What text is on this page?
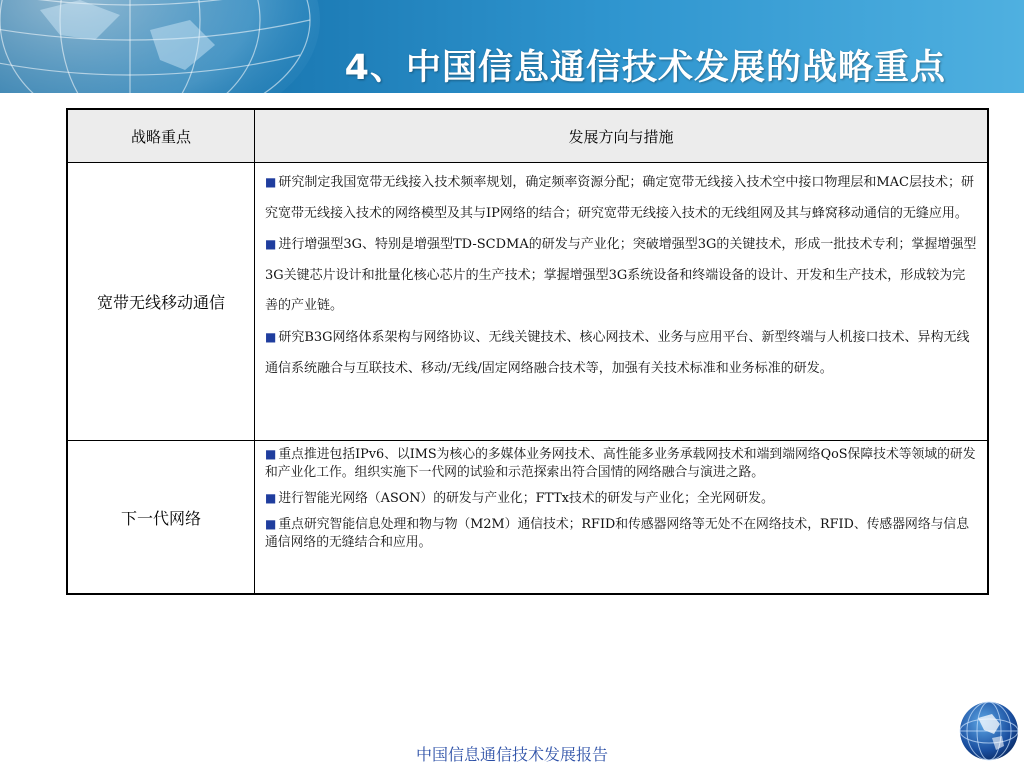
4、中国信息通信技术发展的战略重点
战略重点	发展方向与措施
宽带无线移动通信	■ 研究制定我国宽带无线接入技术频率规划，确定频率资源分配；确定宽带无线接入技术空中接口物理层和MAC层技术；研究宽带无线接入技术的网络模型及其与IP网络的结合；研究宽带无线接入技术的无线组网及其与蜂窝移动通信的无缝应用。

■ 进行增强型3G、特别是增强型TD-SCDMA的研发与产业化；突破增强型3G的关键技术，形成一批技术专利；掌握增强型3G关键芯片设计和批量化核心芯片的生产技术；掌握增强型3G系统设备和终端设备的设计、开发和生产技术，形成较为完善的产业链。

■ 研究B3G网络体系架构与网络协议、无线关键技术、核心网技术、业务与应用平台、新型终端与人机接口技术、异构无线通信系统融合与互联技术、移动/无线/固定网络融合技术等，加强有关技术标准和业务标准的研发。

下一代网络	■ 重点推进包括IPv6、以IMS为核心的多媒体业务网技术、高性能多业务承载网技术和端到端网络QoS保障技术等领域的研发和产业化工作。组织实施下一代网的试验和示范探索出符合国情的网络融合与演进之路。

■ 进行智能光网络（ASON）的研发与产业化；FTTx技术的研发与产业化；全光网研发。

■ 重点研究智能信息处理和物与物（M2M）通信技术；RFID和传感器网络等无处不在网络技术，RFID、传感器网络与信息通信网络的无缝结合和应用。

中国信息通信技术发展报告
